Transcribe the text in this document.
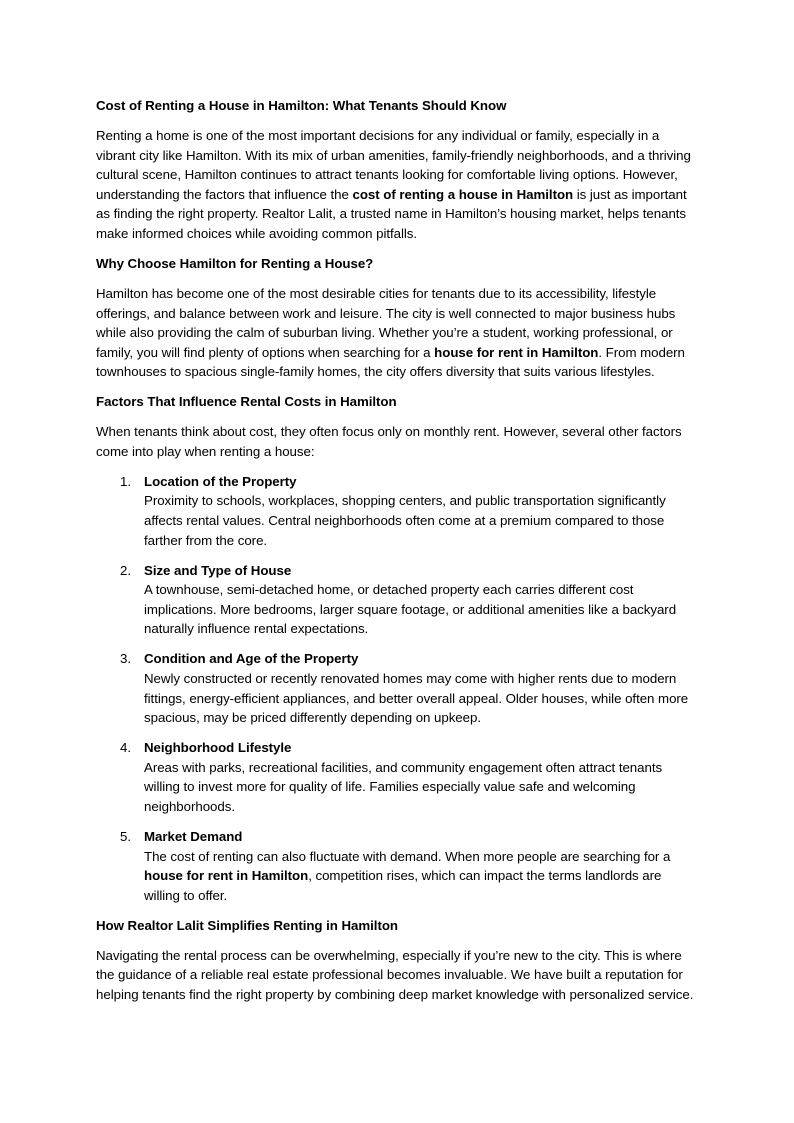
Cost of Renting a House in Hamilton: What Tenants Should Know

Renting a home is one of the most important decisions for any individual or family, especially in a vibrant city like Hamilton. With its mix of urban amenities, family-friendly neighborhoods, and a thriving cultural scene, Hamilton continues to attract tenants looking for comfortable living options. However, understanding the factors that influence the cost of renting a house in Hamilton is just as important as finding the right property. Realtor Lalit, a trusted name in Hamilton’s housing market, helps tenants make informed choices while avoiding common pitfalls.

Why Choose Hamilton for Renting a House?

Hamilton has become one of the most desirable cities for tenants due to its accessibility, lifestyle offerings, and balance between work and leisure. The city is well connected to major business hubs while also providing the calm of suburban living. Whether you’re a student, working professional, or family, you will find plenty of options when searching for a house for rent in Hamilton. From modern townhouses to spacious single-family homes, the city offers diversity that suits various lifestyles.

Factors That Influence Rental Costs in Hamilton

When tenants think about cost, they often focus only on monthly rent. However, several other factors come into play when renting a house:

1. Location of the Property
Proximity to schools, workplaces, shopping centers, and public transportation significantly affects rental values. Central neighborhoods often come at a premium compared to those farther from the core.
2. Size and Type of House
A townhouse, semi-detached home, or detached property each carries different cost implications. More bedrooms, larger square footage, or additional amenities like a backyard naturally influence rental expectations.
3. Condition and Age of the Property
Newly constructed or recently renovated homes may come with higher rents due to modern fittings, energy-efficient appliances, and better overall appeal. Older houses, while often more spacious, may be priced differently depending on upkeep.
4. Neighborhood Lifestyle
Areas with parks, recreational facilities, and community engagement often attract tenants willing to invest more for quality of life. Families especially value safe and welcoming neighborhoods.
5. Market Demand
The cost of renting can also fluctuate with demand. When more people are searching for a house for rent in Hamilton, competition rises, which can impact the terms landlords are willing to offer.
How Realtor Lalit Simplifies Renting in Hamilton

Navigating the rental process can be overwhelming, especially if you’re new to the city. This is where the guidance of a reliable real estate professional becomes invaluable. We have built a reputation for helping tenants find the right property by combining deep market knowledge with personalized service.
